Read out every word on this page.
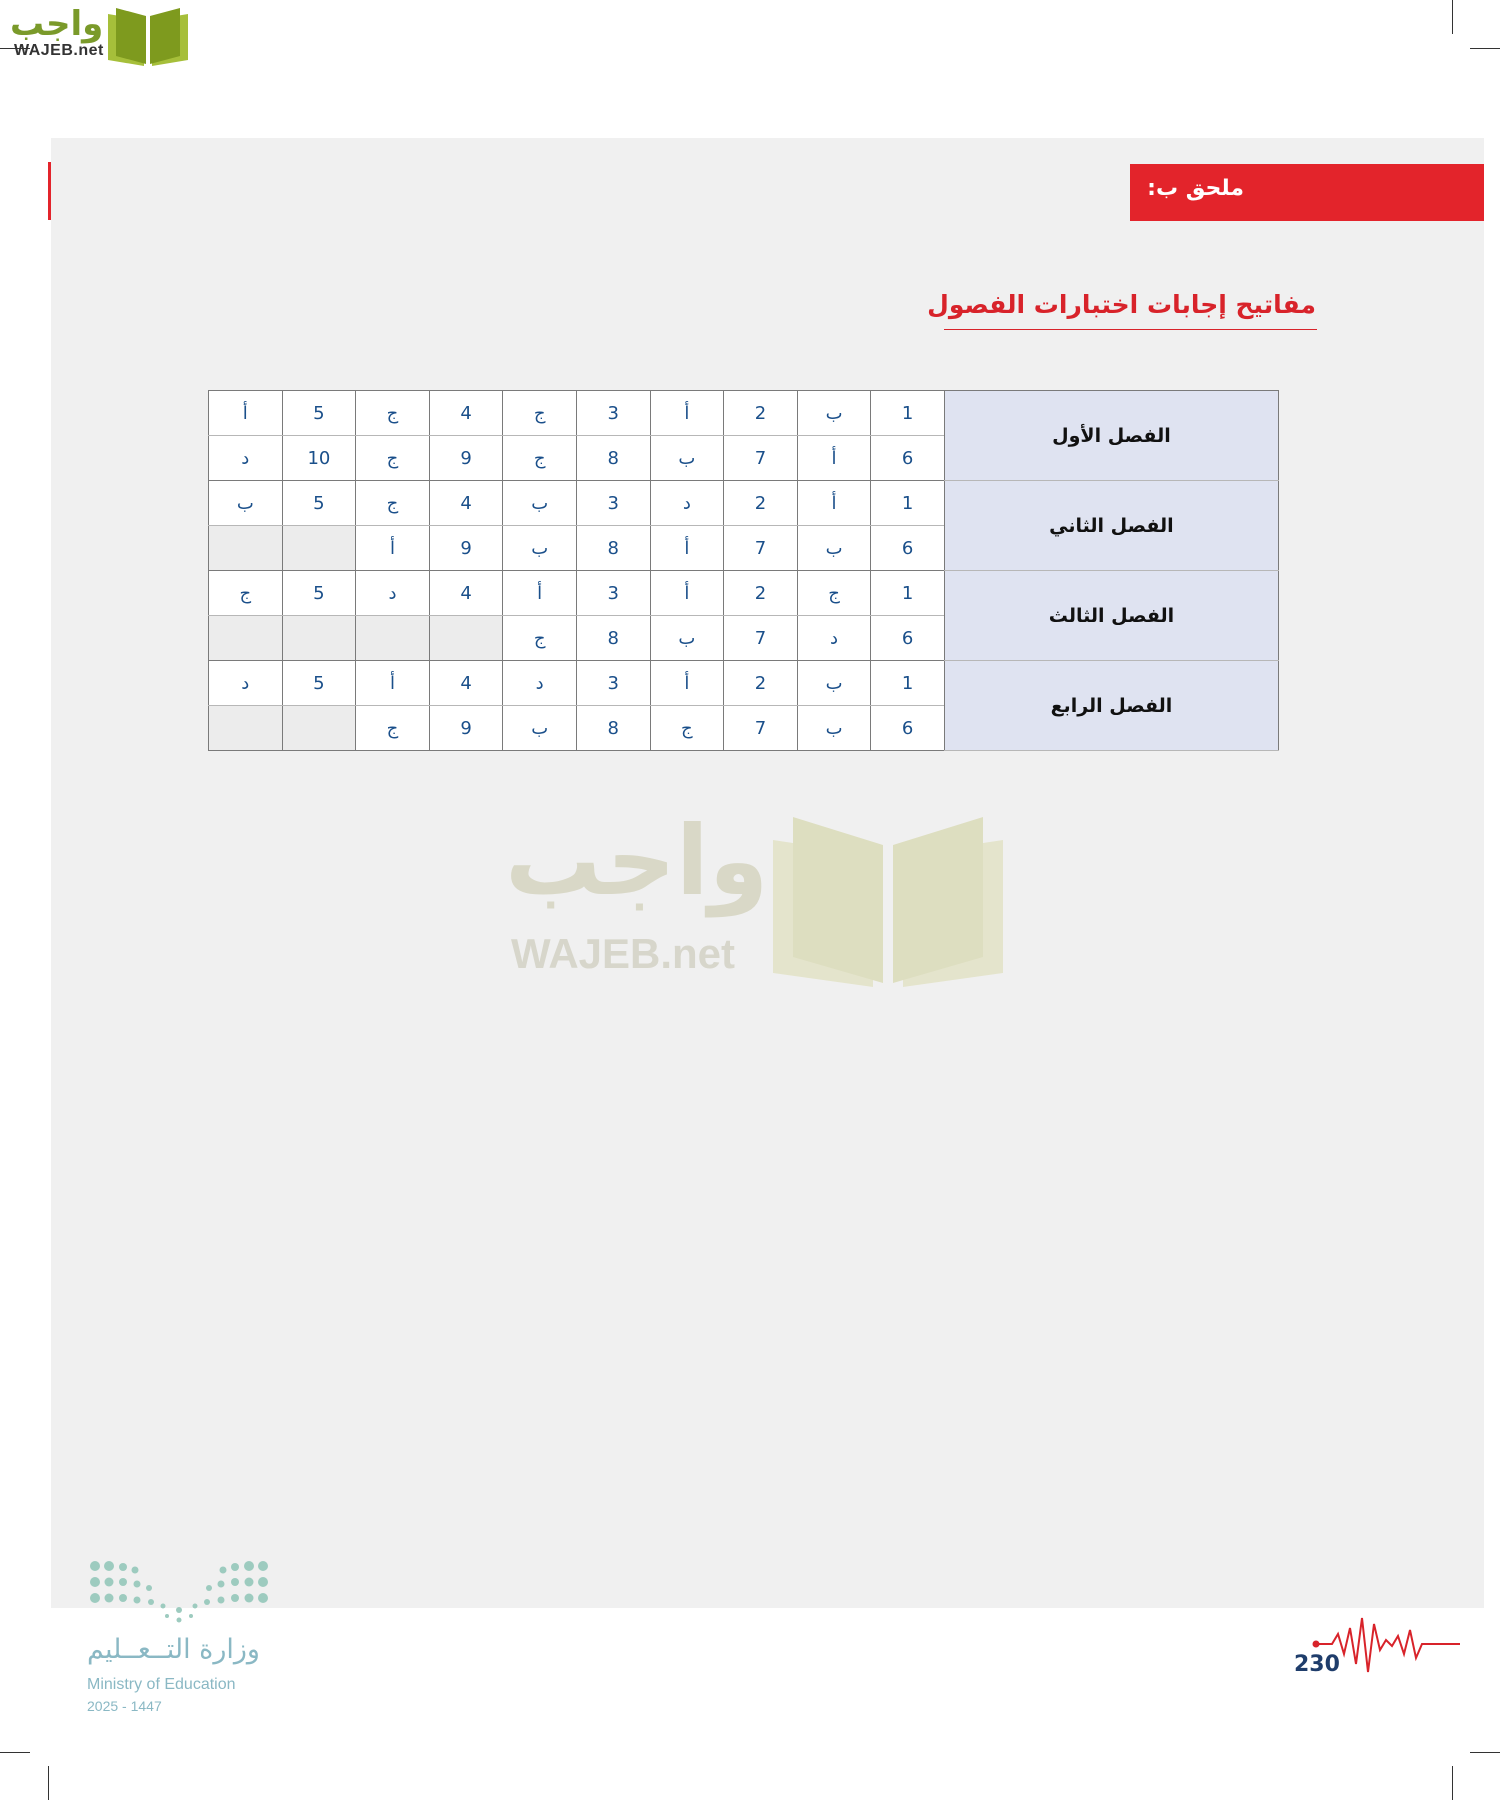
واجب
WAJEB.net
ملحق ب:
مفاتيح إجابات اختبارات الفصول
الفصل الأول	1	ب	2	أ	3	ج	4	ج	5	أ
	6	أ	7	ب	8	ج	9	ج	10	د
الفصل الثاني	1	أ	2	د	3	ب	4	ج	5	ب
	6	ب	7	أ	8	ب	9	أ		
الفصل الثالث	1	ج	2	أ	3	أ	4	د	5	ج
	6	د	7	ب	8	ج				
الفصل الرابع	1	ب	2	أ	3	د	4	أ	5	د
	6	ب	7	ج	8	ب	9	ج		
واجب
WAJEB.net
وزارة التــعــليم
Ministry of Education
2025 - 1447
230
